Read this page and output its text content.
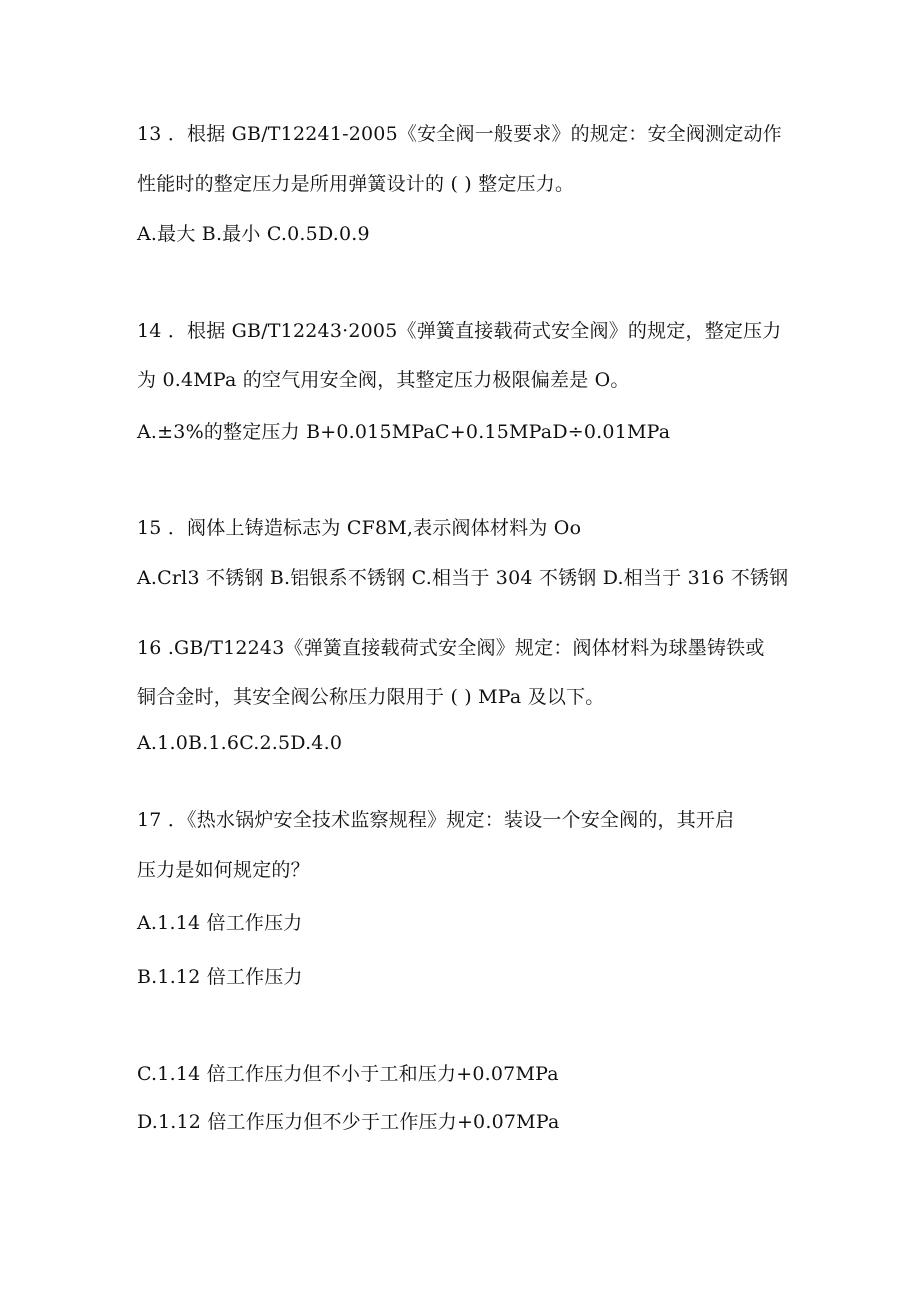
13 ．根据 GB/T12241-2005《安全阀一般要求》的规定：安全阀测定动作
性能时的整定压力是所用弹簧设计的 ( ) 整定压力。
A.最大 B.最小 C.0.5D.0.9
14 ．根据 GB/T12243·2005《弹簧直接载荷式安全阀》的规定，整定压力
为 0.4MPa 的空气用安全阀，其整定压力极限偏差是 O。
A.±3%的整定压力 B+0.015MPaC+0.15MPaD÷0.01MPa
15 ．阀体上铸造标志为 CF8M,表示阀体材料为 Oo
A.Crl3 不锈钢 B.铝银系不锈钢 C.相当于 304 不锈钢 D.相当于 316 不锈钢
16 .GB/T12243《弹簧直接载荷式安全阀》规定：阀体材料为球墨铸铁或
铜合金时，其安全阀公称压力限用于 ( ) MPa 及以下。
A.1.0B.1.6C.2.5D.4.0
17 ．《热水锅炉安全技术监察规程》规定：装设一个安全阀的，其开启
压力是如何规定的？
A.1.14 倍工作压力
B.1.12 倍工作压力
C.1.14 倍工作压力但不小于工和压力+0.07MPa
D.1.12 倍工作压力但不少于工作压力+0.07MPa
